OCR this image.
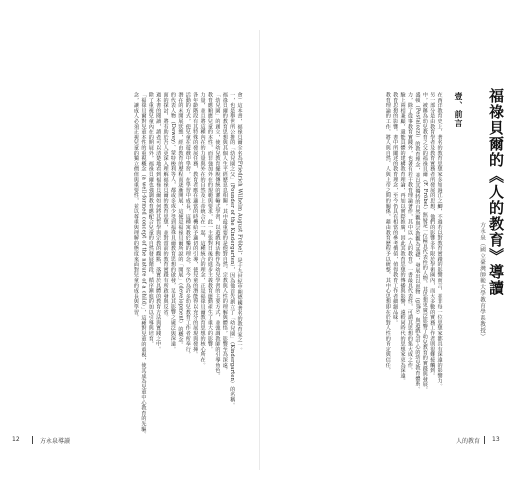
會）這本書，福祿貝爾全名為Friedrich Wilhelm August Fröbel，是十九世紀中期德國著名的教育家之一。
一，也是舉世所公推的「幼兒園之父」（Founder of the Kindergarten），因為他首先創立了「幼兒園」（Kindergarten）的名稱。
福祿貝爾的教育思想與其個人生平經歷息息相關，其中最重要的是他對自然、宗教與人性的理解與體悟，影響至為深遠。
「幼兒園」的創立，使幼兒教育擺脫傳統的灌輸式學習，以遊戲和活動作為幼兒學習的主要方式，並強調教師的引導角色。
教育應順應兒童的本性，而非強加外在的規範與要求，此一主張對日後的進步主義教育運動產生了重大的影響。
力量，並且將這種內在的力量與外在的自然及上帝統合在一起，這種統合的理念，正是福祿貝爾教育思想的核心所在。
各年齡階段有其特殊的發展任務，教育者應在適當的時機給予適切的引導，使兒童的潛能得以充分的展現與發揮。
活動的方式，使兒童在遊戲中學習，在學習中成長，這種寓教於樂的理念，至今仍為許多幼兒教育工作者所奉行。
潛在的未開展狀態，經由教育的歷程而逐漸開展，這便是福祿貝爾所說的「開展」（development）的概念。
的代表人物（Dewey）、蒙特梭利等人，都或多或少受到福祿貝爾教育思想的啟發，足見其影響之廣泛與深遠。
面的探討，將有助於吾人更深入理解福祿貝爾的教育思想，並對當前的教育實踐有所啟發與反省。
過本書的閱讀，讀者可以清楚地看到福祿貝爾如何將其哲學與宗教的觀點，落實於具體的教育方法與實踐之中。
除了重視兒童內在的開展外，福祿貝爾也強調教育應配合兒童的自然發展階段，循序漸進的加以引導與培育。
「福祿貝爾對兒童本性的重視概念（a well-formed concept of the nature of a child）」，這種對兒童的重視，使其成為兒童中心教育的先驅。
念，讓成人必須正視兒童的獨立價值與重要性，並以尊重與理解的態度來面對兒童的成長與學習。
12	方永泉導讀
福祿貝爾的《人的教育》導讀
方永泉（國立臺灣師範大學教育學系教授）
壹、前言
在西洋教育史上，著名的教育思想家多如過江之鯽，不過若以對教育實踐的影響而言，並非每一位思想家都具有深遠的影響力。
另一部分是由教育學者及教育實務者所發展的思想，他們的影響多半限於學術圈內，而大多數的實務工作者則很難接觸到。
中，被稱為幼兒教育之父的福祿貝爾（F. Fröbel）無疑是一位極具代表性的人物，其思想更廣泛影響了幼兒教育的實踐與發展。
盛頓（Pestalozzi）的教育理念，並以其獨特的自然觀與宗教觀為基礎，發展出以恩物（gifts）與遊戲為中心的幼兒教育體系。
力，除了從事教育實踐外，也著有若干教育理論著作，其中以《人的教育》一書最具代表性，可謂其思想的集大成之作。
驗上兩相兼顧，還能具體的建構教育理論，再加以實際推廣，因此其教育思想的傳播與影響，遠較同時代的思想家更為深遠。
教育思想的影響。書中所闡述的教育理念，至今仍具有相當的參考價值，值得教育工作者細細品味。
教育理論的工作，將人與自然、人與上帝之間的關係，藉由教育歷程予以統整，其中心思想即在於對人性的肯定與信任。
人的教育 13
